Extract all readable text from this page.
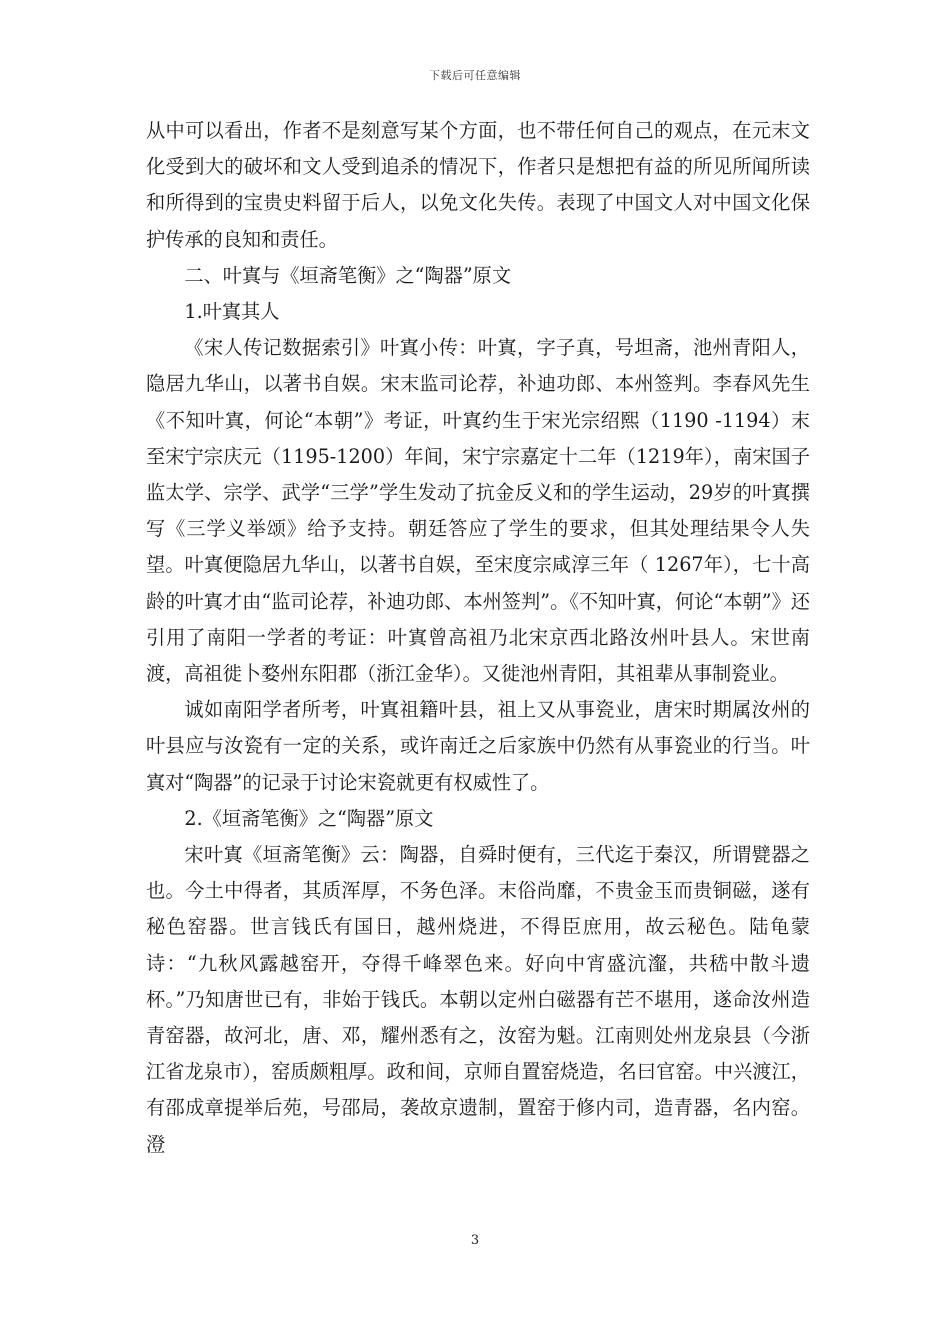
下载后可任意编辑

从中可以看出，作者不是刻意写某个方面，也不带任何自己的观点，在元末文化受到大的破坏和文人受到追杀的情况下，作者只是想把有益的所见所闻所读和所得到的宝贵史料留于后人，以免文化失传。表现了中国文人对中国文化保护传承的良知和责任。

二、叶寘与《垣斋笔衡》之“陶器”原文

1.叶寘其人

《宋人传记数据索引》叶寘小传：叶寘，字子真，号坦斋，池州青阳人，隐居九华山，以著书自娱。宋末监司论荐，补迪功郎、本州签判。李春风先生《不知叶寘，何论“本朝”》考证，叶寘约生于宋光宗绍熙（1190 -1194）末至宋宁宗庆元（1195-1200）年间，宋宁宗嘉定十二年（1219年），南宋国子监太学、宗学、武学“三学”学生发动了抗金反义和的学生运动，29岁的叶寘撰写《三学义举颂》给予支持。朝廷答应了学生的要求，但其处理结果令人失望。叶寘便隐居九华山，以著书自娱，至宋度宗咸淳三年（ 1267年），七十高龄的叶寘才由“监司论荐，补迪功郎、本州签判”。《不知叶寘，何论“本朝”》还引用了南阳一学者的考证：叶寘曾高祖乃北宋京西北路汝州叶县人。宋世南渡，高祖徙卜婺州东阳郡（浙江金华）。又徙池州青阳，其祖辈从事制瓷业。

诚如南阳学者所考，叶寘祖籍叶县，祖上又从事瓷业，唐宋时期属汝州的叶县应与汝瓷有一定的关系，或许南迁之后家族中仍然有从事瓷业的行当。叶寘对“陶器”的记录于讨论宋瓷就更有权威性了。

2.《垣斋笔衡》之“陶器”原文

宋叶寘《垣斋笔衡》云：陶器，自舜时便有，三代迄于秦汉，所谓甓器之也。今土中得者，其质浑厚，不务色泽。末俗尚靡，不贵金玉而贵铜磁，遂有秘色窑器。世言钱氏有国日，越州烧进，不得臣庶用，故云秘色。陆龟蒙诗：“九秋风露越窑开，夺得千峰翠色来。好向中宵盛沆瀣，共嵇中散斗遗杯。”乃知唐世已有，非始于钱氏。本朝以定州白磁器有芒不堪用，遂命汝州造青窑器，故河北，唐、邓，耀州悉有之，汝窑为魁。江南则处州龙泉县（今浙江省龙泉市），窑质颇粗厚。政和间，京师自置窑烧造，名曰官窑。中兴渡江，有邵成章提举后苑，号邵局，袭故京遗制，置窑于修内司，造青器，名内窑。澄

3
